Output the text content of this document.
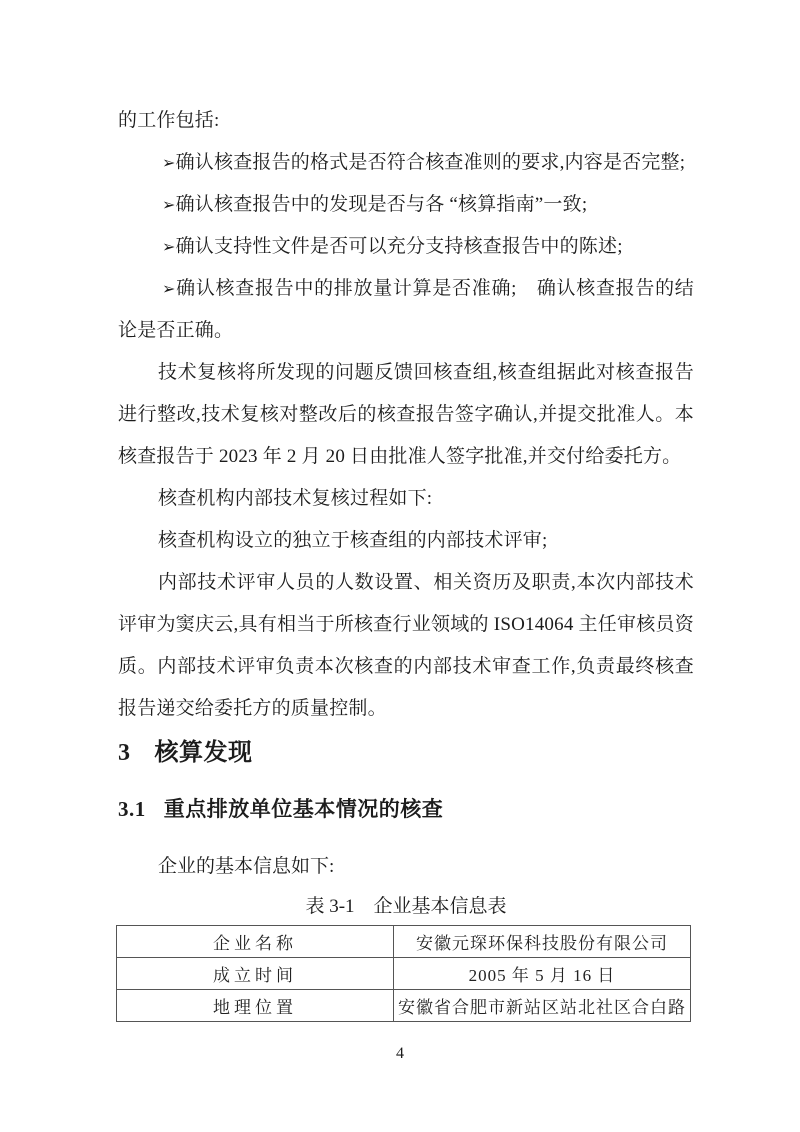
的工作包括:

➢确认核查报告的格式是否符合核查准则的要求,内容是否完整;

➢确认核查报告中的发现是否与各 “核算指南”一致;

➢确认支持性文件是否可以充分支持核查报告中的陈述;

➢确认核查报告中的排放量计算是否准确;　确认核查报告的结论是否正确。

技术复核将所发现的问题反馈回核查组,核查组据此对核查报告进行整改,技术复核对整改后的核查报告签字确认,并提交批准人。本核查报告于 2023 年 2 月 20 日由批准人签字批准,并交付给委托方。

核查机构内部技术复核过程如下:

核查机构设立的独立于核查组的内部技术评审;

内部技术评审人员的人数设置、相关资历及职责,本次内部技术评审为窦庆云,具有相当于所核查行业领域的 ISO14064 主任审核员资质。内部技术评审负责本次核查的内部技术审查工作,负责最终核查报告递交给委托方的质量控制。

3 核算发现
3.1 重点排放单位基本情况的核查

企业的基本信息如下:

表 3-1　企业基本信息表

企业名称	安徽元琛环保科技股份有限公司
成立时间	2005 年 5 月 16 日
地理位置	安徽省合肥市新站区站北社区合白路
4
